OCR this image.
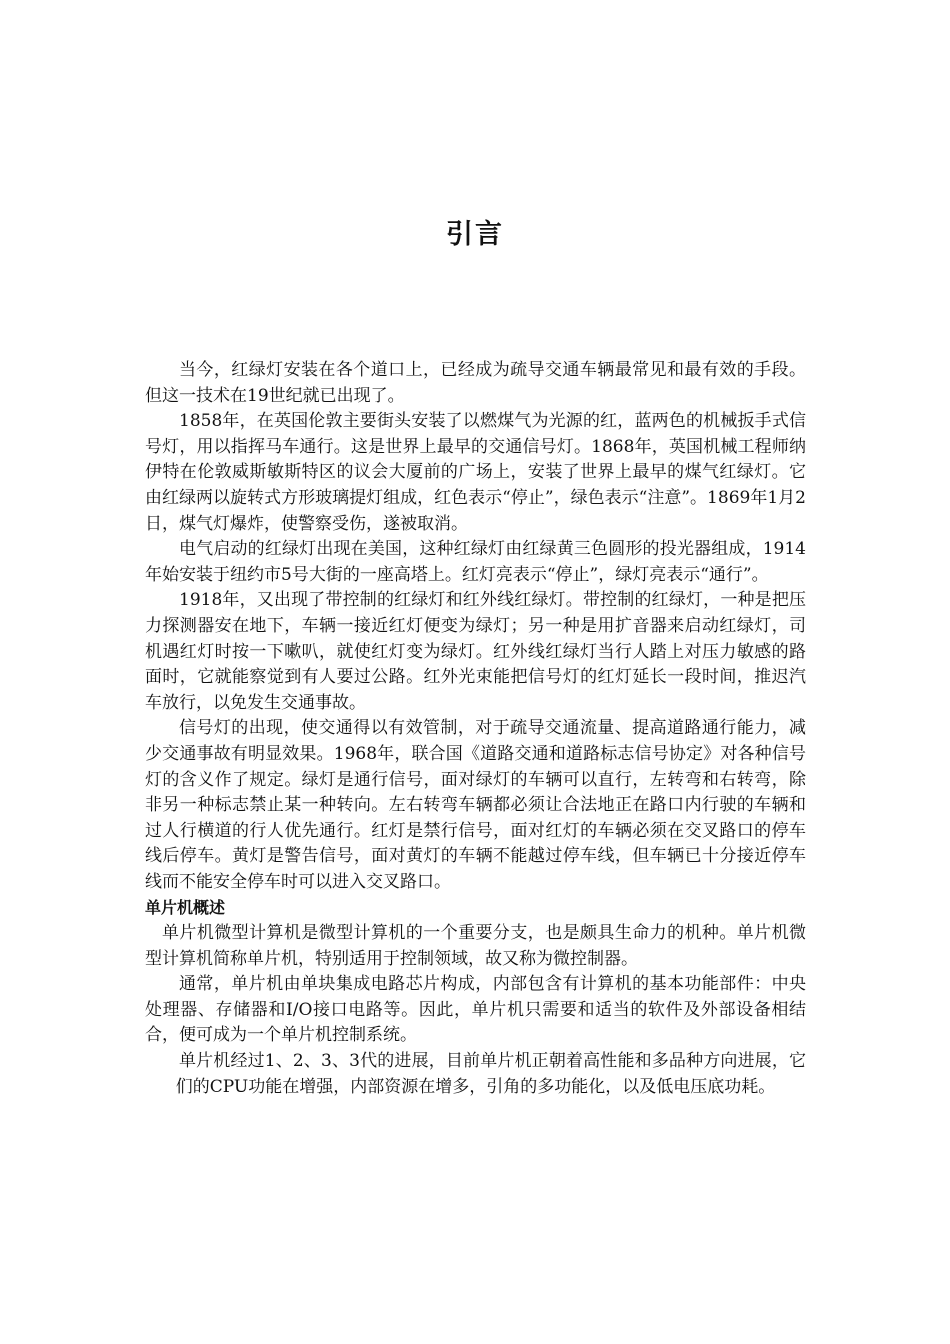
引言

当今，红绿灯安装在各个道口上，已经成为疏导交通车辆最常见和最有效的手段。但这一技术在19世纪就已出现了。

1858年，在英国伦敦主要街头安装了以燃煤气为光源的红，蓝两色的机械扳手式信号灯，用以指挥马车通行。这是世界上最早的交通信号灯。1868年，英国机械工程师纳伊特在伦敦威斯敏斯特区的议会大厦前的广场上，安装了世界上最早的煤气红绿灯。它由红绿两以旋转式方形玻璃提灯组成，红色表示“停止”，绿色表示“注意”。1869年1月2日，煤气灯爆炸，使警察受伤，遂被取消。

电气启动的红绿灯出现在美国，这种红绿灯由红绿黄三色圆形的投光器组成，1914年始安装于纽约市5号大街的一座高塔上。红灯亮表示“停止”，绿灯亮表示“通行”。

1918年，又出现了带控制的红绿灯和红外线红绿灯。带控制的红绿灯，一种是把压力探测器安在地下，车辆一接近红灯便变为绿灯；另一种是用扩音器来启动红绿灯，司机遇红灯时按一下嗽叭，就使红灯变为绿灯。红外线红绿灯当行人踏上对压力敏感的路面时，它就能察觉到有人要过公路。红外光束能把信号灯的红灯延长一段时间，推迟汽车放行，以免发生交通事故。

信号灯的出现，使交通得以有效管制，对于疏导交通流量、提高道路通行能力，减少交通事故有明显效果。1968年，联合国《道路交通和道路标志信号协定》对各种信号灯的含义作了规定。绿灯是通行信号，面对绿灯的车辆可以直行，左转弯和右转弯，除非另一种标志禁止某一种转向。左右转弯车辆都必须让合法地正在路口内行驶的车辆和过人行横道的行人优先通行。红灯是禁行信号，面对红灯的车辆必须在交叉路口的停车线后停车。黄灯是警告信号，面对黄灯的车辆不能越过停车线，但车辆已十分接近停车线而不能安全停车时可以进入交叉路口。

单片机概述

单片机微型计算机是微型计算机的一个重要分支，也是颇具生命力的机种。单片机微型计算机简称单片机，特别适用于控制领域，故又称为微控制器。

通常，单片机由单块集成电路芯片构成，内部包含有计算机的基本功能部件：中央处理器、存储器和I/O接口电路等。因此，单片机只需要和适当的软件及外部设备相结合，便可成为一个单片机控制系统。

单片机经过1、2、3、3代的进展，目前单片机正朝着高性能和多品种方向进展，它们的CPU功能在增强，内部资源在增多，引角的多功能化，以及低电压底功耗。
